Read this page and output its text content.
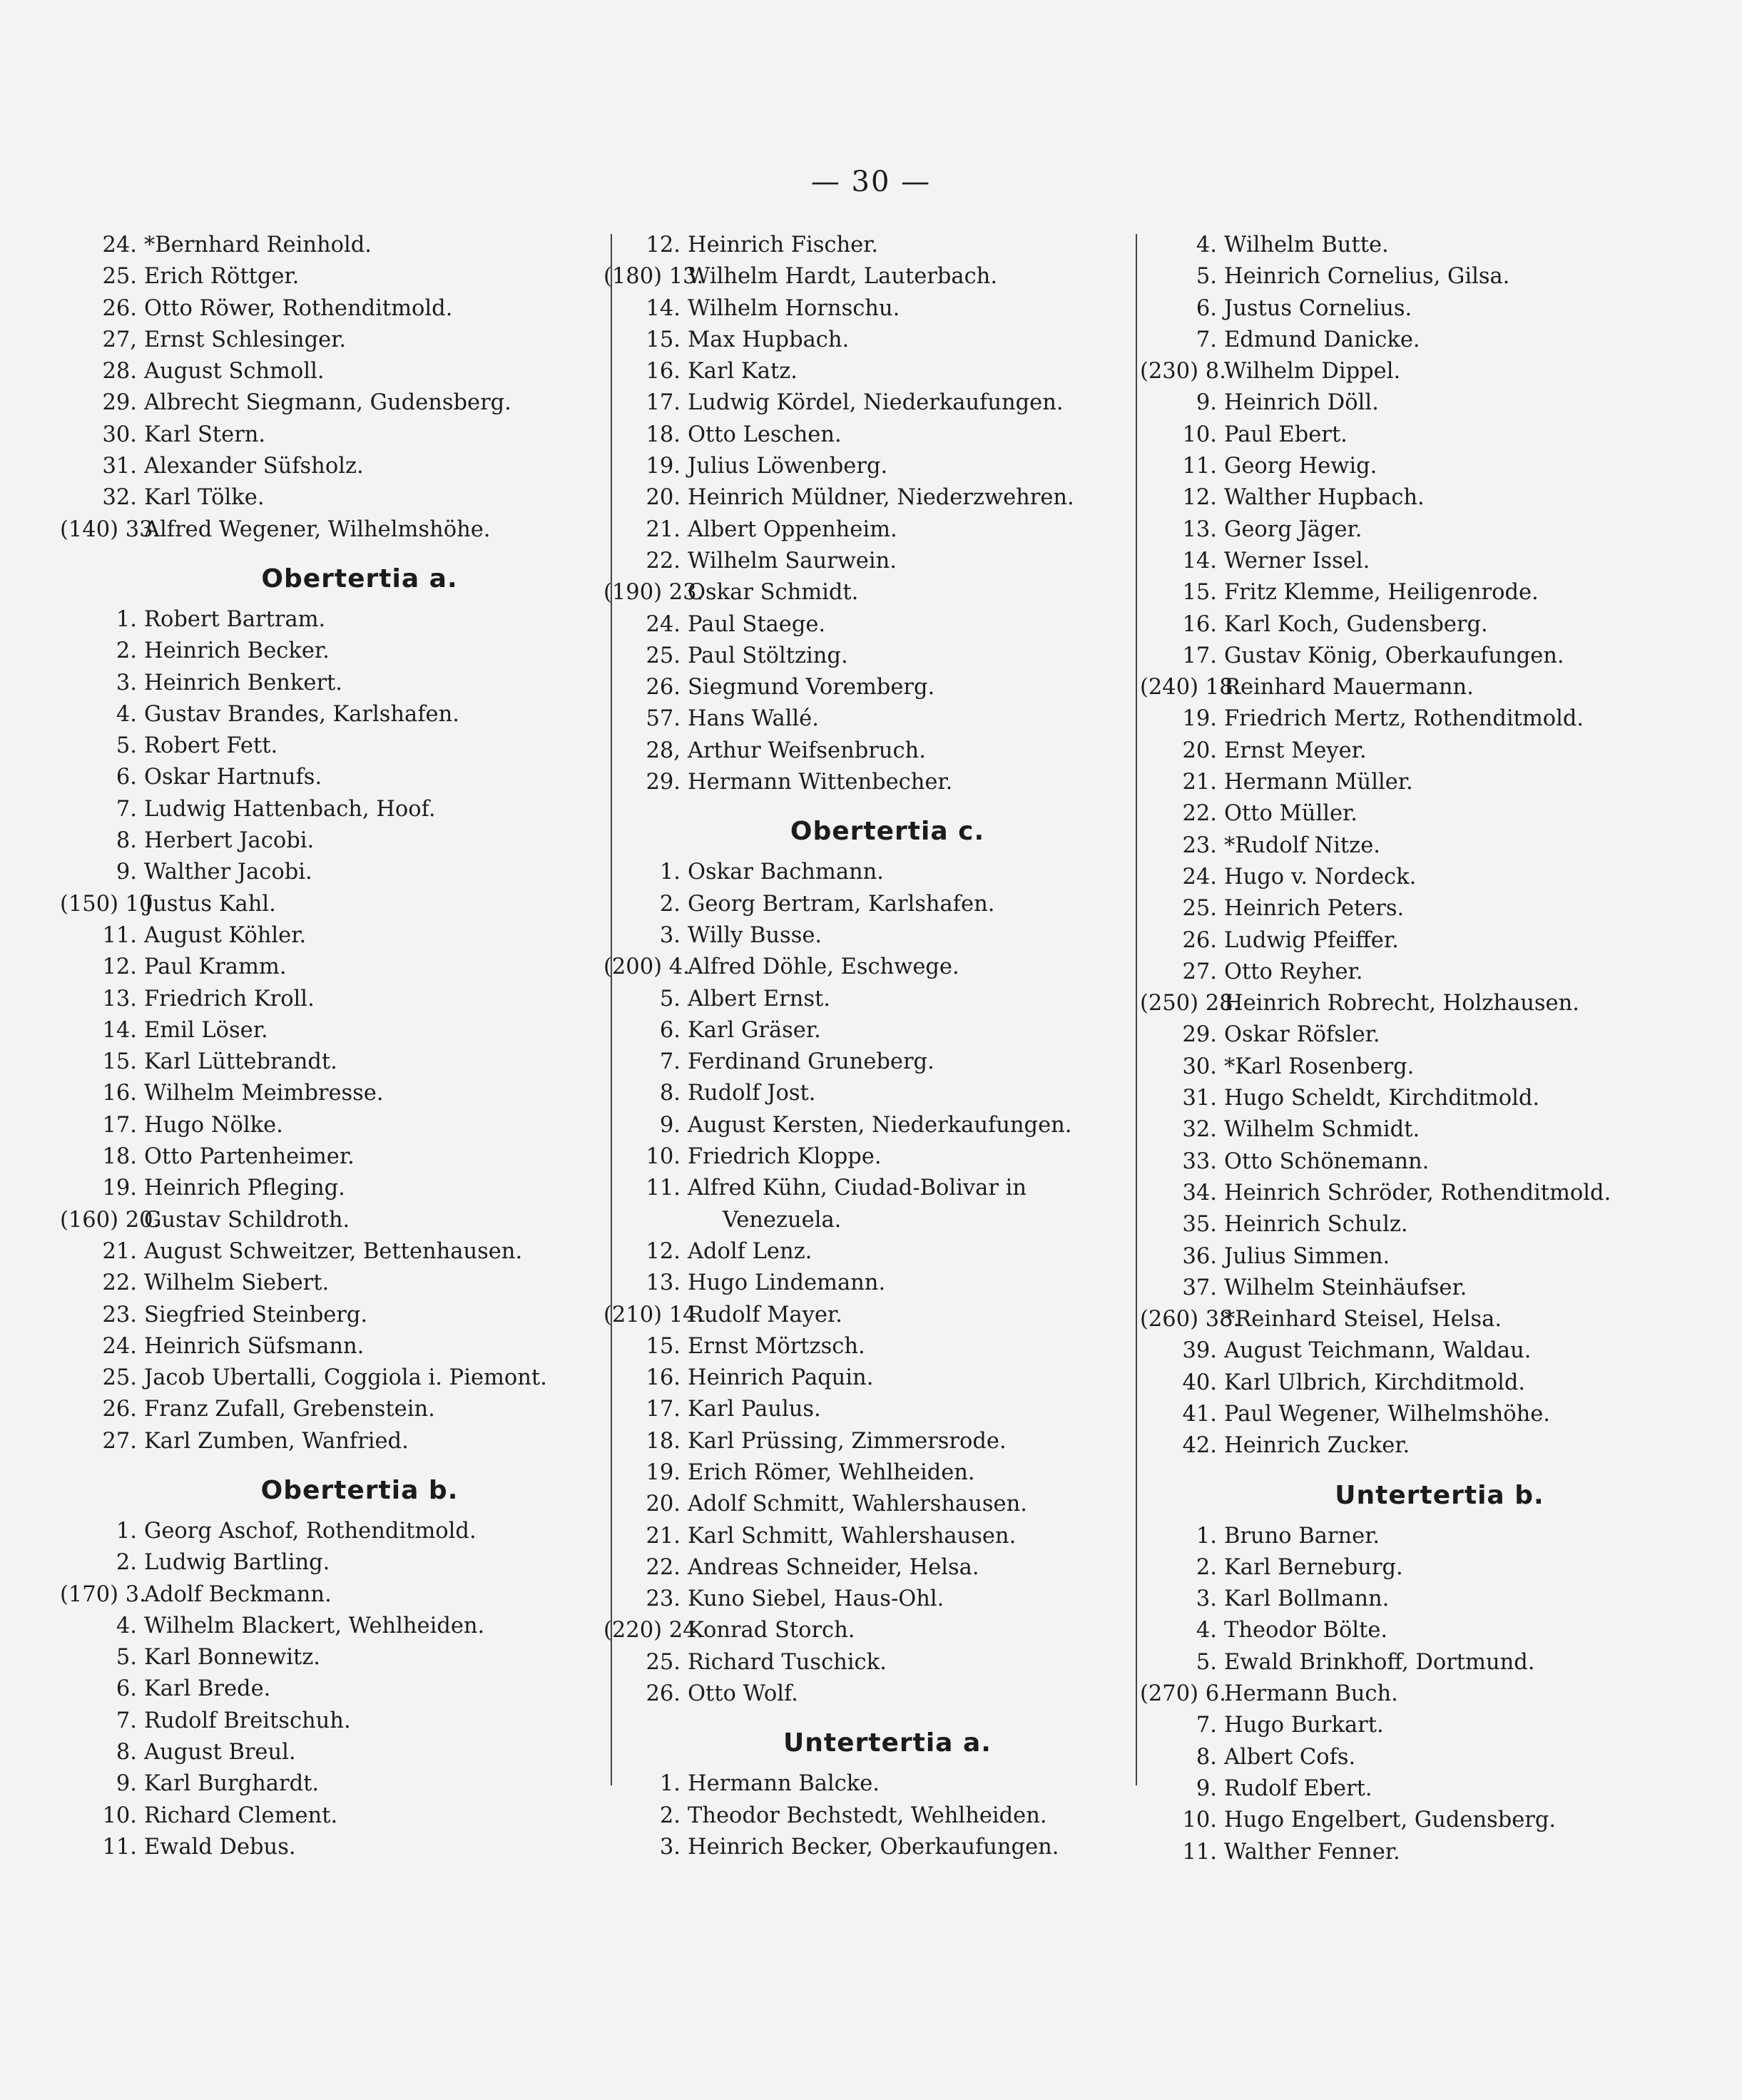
— 30 —
24. *Bernhard Reinhold.
25. Erich Röttger.
26. Otto Röwer, Rothenditmold.
27, Ernst Schlesinger.
28. August Schmoll.
29. Albrecht Siegmann, Gudensberg.
30. Karl Stern.
31. Alexander Süfsholz.
32. Karl Tölke.
(140) 33.
Alfred Wegener, Wilhelmshöhe.
Obertertia a.
1. Robert Bartram.
2. Heinrich Becker.
3. Heinrich Benkert.
4. Gustav Brandes, Karlshafen.
5. Robert Fett.
6. Oskar Hartnufs.
7. Ludwig Hattenbach, Hoof.
8. Herbert Jacobi.
9. Walther Jacobi.
(150) 10.
Justus Kahl.
11. August Köhler.
12. Paul Kramm.
13. Friedrich Kroll.
14. Emil Löser.
15. Karl Lüttebrandt.
16. Wilhelm Meimbresse.
17. Hugo Nölke.
18. Otto Partenheimer.
19. Heinrich Pfleging.
(160) 20.
Gustav Schildroth.
21. August Schweitzer, Bettenhausen.
22. Wilhelm Siebert.
23. Siegfried Steinberg.
24. Heinrich Süfsmann.
25. Jacob Ubertalli, Coggiola i. Piemont.
26. Franz Zufall, Grebenstein.
27. Karl Zumben, Wanfried.
Obertertia b.
1. Georg Aschof, Rothenditmold.
2. Ludwig Bartling.
(170) 3.
Adolf Beckmann.
4. Wilhelm Blackert, Wehlheiden.
5. Karl Bonnewitz.
6. Karl Brede.
7. Rudolf Breitschuh.
8. August Breul.
9. Karl Burghardt.
10. Richard Clement.
11. Ewald Debus.
12. Heinrich Fischer.
(180) 13.
Wilhelm Hardt, Lauterbach.
14. Wilhelm Hornschu.
15. Max Hupbach.
16. Karl Katz.
17. Ludwig Kördel, Niederkaufungen.
18. Otto Leschen.
19. Julius Löwenberg.
20. Heinrich Müldner, Niederzwehren.
21. Albert Oppenheim.
22. Wilhelm Saurwein.
(190) 23.
Oskar Schmidt.
24. Paul Staege.
25. Paul Stöltzing.
26. Siegmund Voremberg.
57. Hans Wallé.
28, Arthur Weifsenbruch.
29. Hermann Wittenbecher.
Obertertia c.
1. Oskar Bachmann.
2. Georg Bertram, Karlshafen.
3. Willy Busse.
(200) 4.
Alfred Döhle, Eschwege.
5. Albert Ernst.
6. Karl Gräser.
7. Ferdinand Gruneberg.
8. Rudolf Jost.
9. August Kersten, Niederkaufungen.
10. Friedrich Kloppe.
11. Alfred Kühn, Ciudad-Bolivar in
Venezuela.
12. Adolf Lenz.
13. Hugo Lindemann.
(210) 14.
Rudolf Mayer.
15. Ernst Mörtzsch.
16. Heinrich Paquin.
17. Karl Paulus.
18. Karl Prüssing, Zimmersrode.
19. Erich Römer, Wehlheiden.
20. Adolf Schmitt, Wahlershausen.
21. Karl Schmitt, Wahlershausen.
22. Andreas Schneider, Helsa.
23. Kuno Siebel, Haus-Ohl.
(220) 24.
Konrad Storch.
25. Richard Tuschick.
26. Otto Wolf.
Untertertia a.
1. Hermann Balcke.
2. Theodor Bechstedt, Wehlheiden.
3. Heinrich Becker, Oberkaufungen.
4. Wilhelm Butte.
5. Heinrich Cornelius, Gilsa.
6. Justus Cornelius.
7. Edmund Danicke.
(230) 8.
Wilhelm Dippel.
9. Heinrich Döll.
10. Paul Ebert.
11. Georg Hewig.
12. Walther Hupbach.
13. Georg Jäger.
14. Werner Issel.
15. Fritz Klemme, Heiligenrode.
16. Karl Koch, Gudensberg.
17. Gustav König, Oberkaufungen.
(240) 18.
Reinhard Mauermann.
19. Friedrich Mertz, Rothenditmold.
20. Ernst Meyer.
21. Hermann Müller.
22. Otto Müller.
23. *Rudolf Nitze.
24. Hugo v. Nordeck.
25. Heinrich Peters.
26. Ludwig Pfeiffer.
27. Otto Reyher.
(250) 28.
Heinrich Robrecht, Holzhausen.
29. Oskar Röfsler.
30. *Karl Rosenberg.
31. Hugo Scheldt, Kirchditmold.
32. Wilhelm Schmidt.
33. Otto Schönemann.
34. Heinrich Schröder, Rothenditmold.
35. Heinrich Schulz.
36. Julius Simmen.
37. Wilhelm Steinhäufser.
(260) 38.
*Reinhard Steisel, Helsa.
39. August Teichmann, Waldau.
40. Karl Ulbrich, Kirchditmold.
41. Paul Wegener, Wilhelmshöhe.
42. Heinrich Zucker.
Untertertia b.
1. Bruno Barner.
2. Karl Berneburg.
3. Karl Bollmann.
4. Theodor Bölte.
5. Ewald Brinkhoff, Dortmund.
(270) 6.
Hermann Buch.
7. Hugo Burkart.
8. Albert Cofs.
9. Rudolf Ebert.
10. Hugo Engelbert, Gudensberg.
11. Walther Fenner.
